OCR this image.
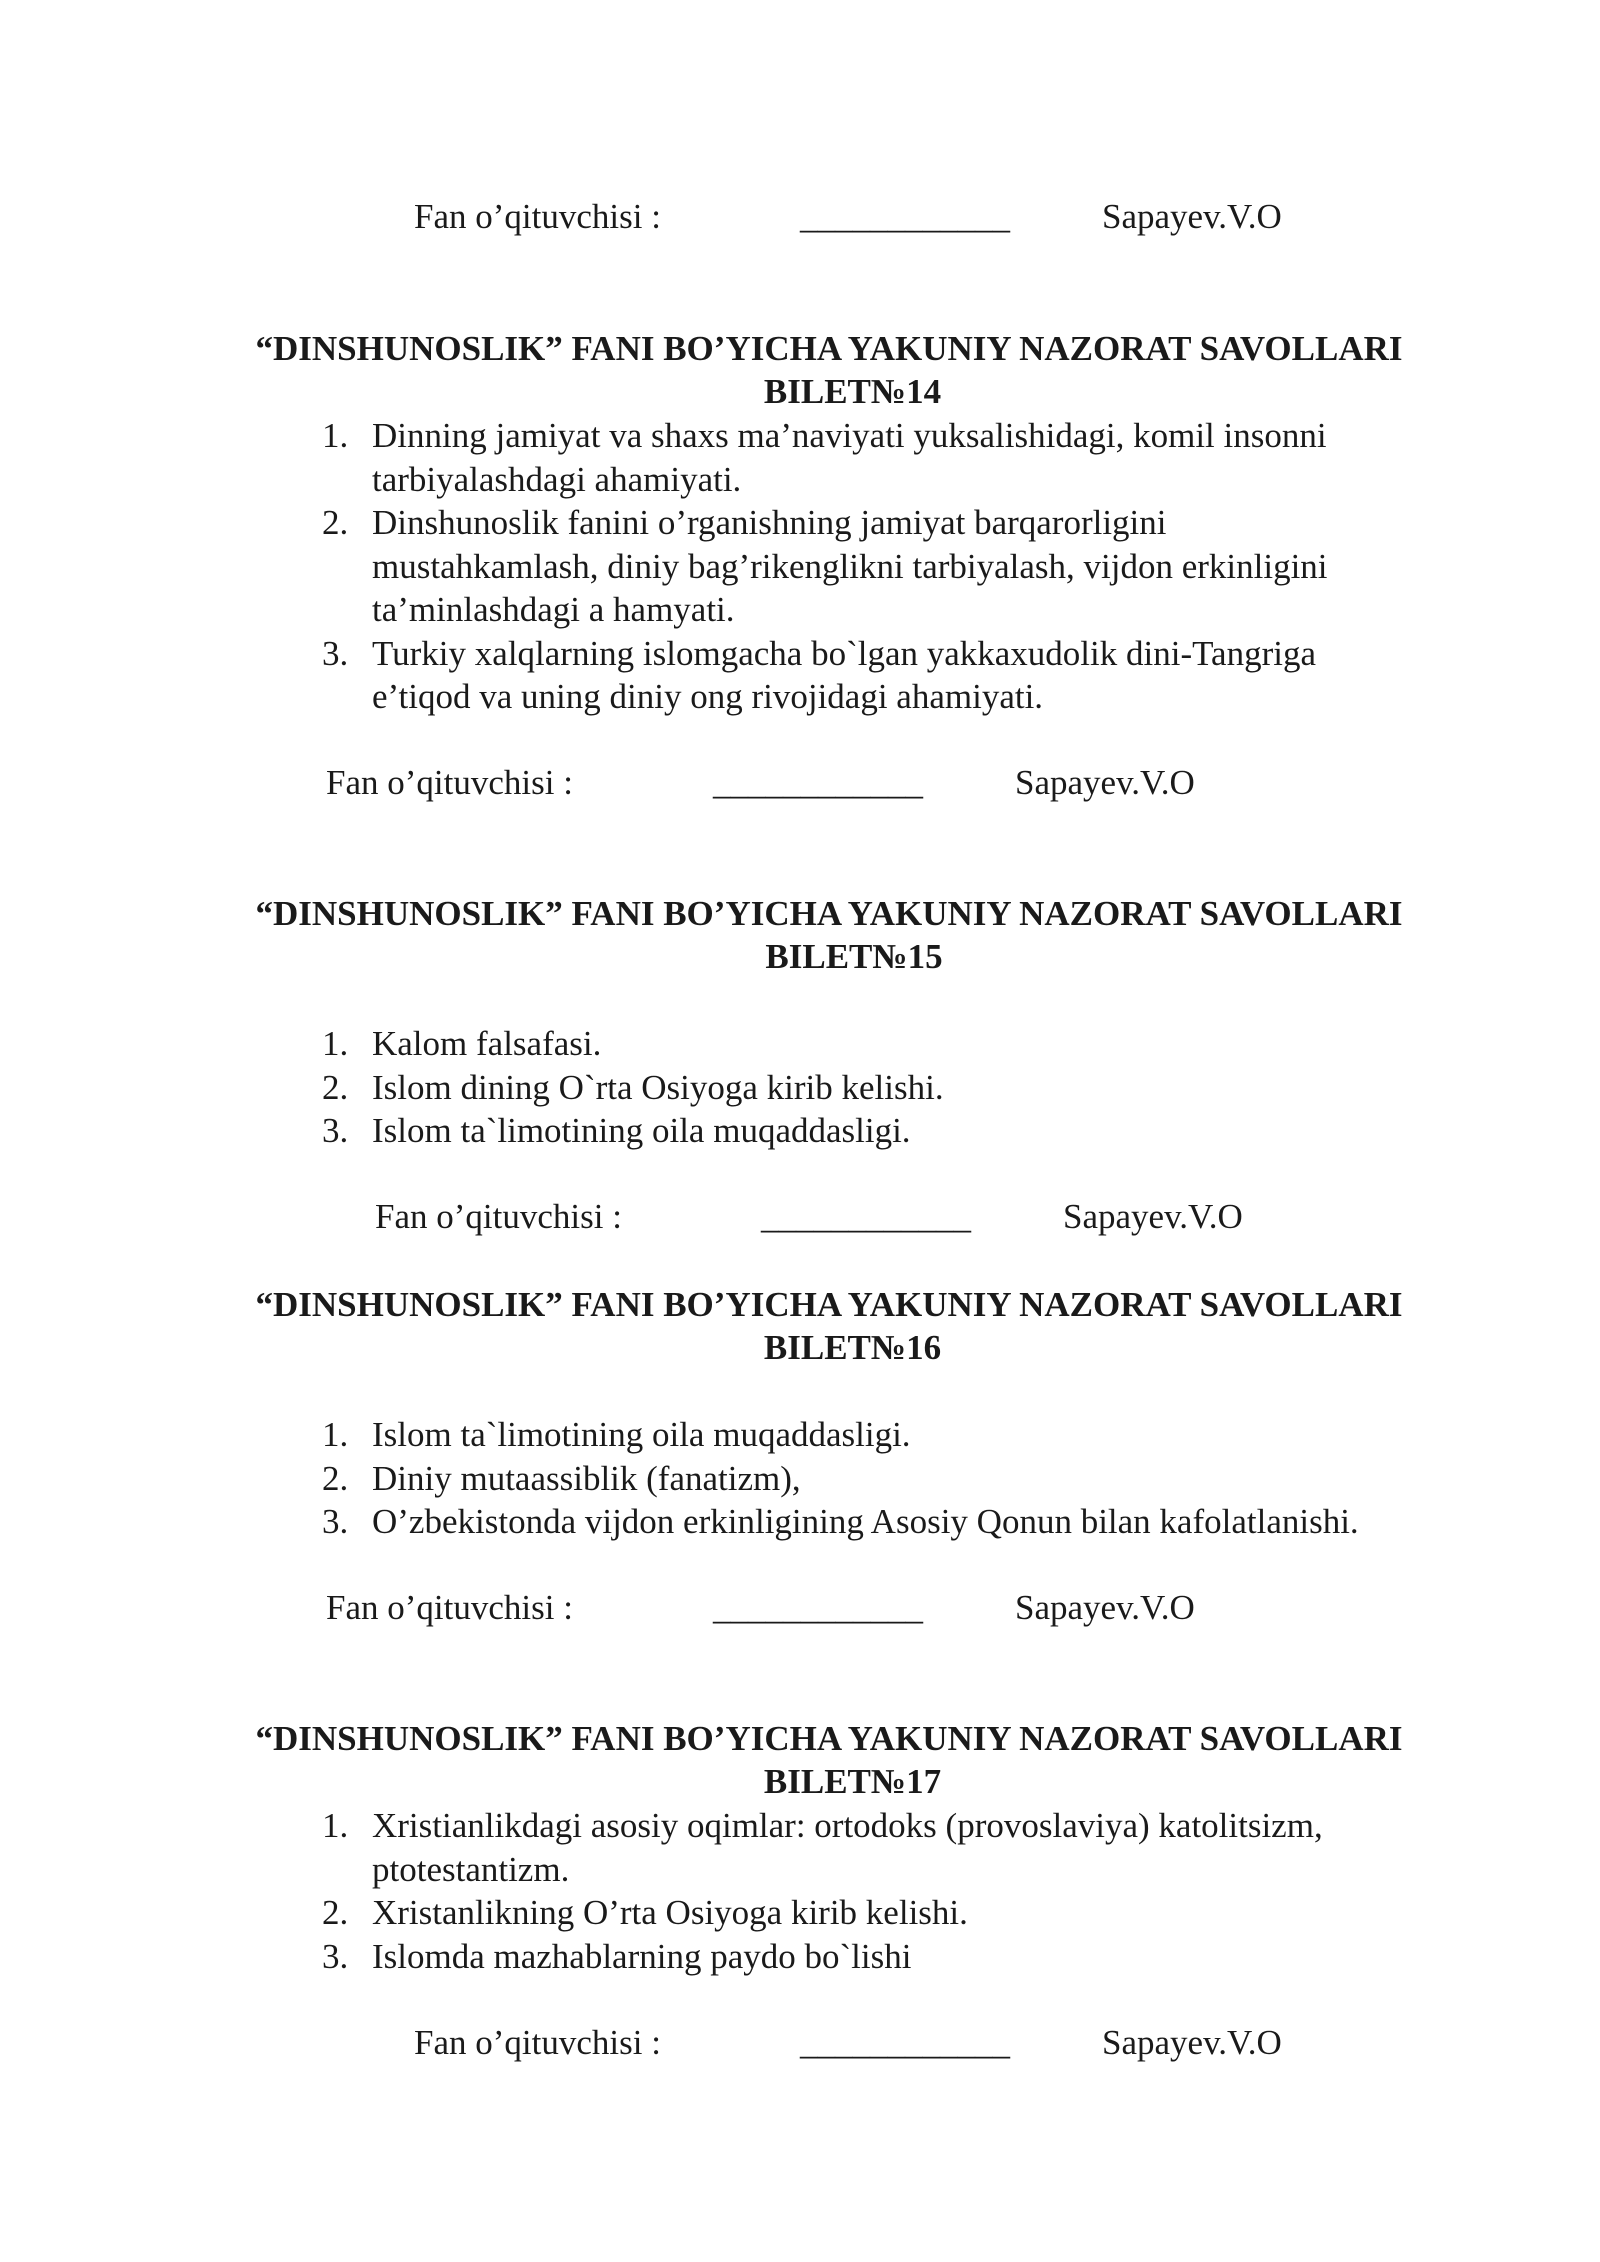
Fan o’qituvchisi :	____________	Sapayev.V.O
“DINSHUNOSLIK” FANI BO’YICHA YAKUNIY NAZORAT SAVOLLARI
BILET№14
1. Dinning jamiyat va shaxs ma’naviyati yuksalishidagi, komil insonni
tarbiyalashdagi ahamiyati.
2. Dinshunoslik fanini o’rganishning jamiyat barqarorligini
mustahkamlash, diniy bag’rikenglikni tarbiyalash, vijdon erkinligini
ta’minlashdagi a hamyati.
3. Turkiy xalqlarning islomgacha bo`lgan yakkaxudolik dini-Tangriga
e’tiqod va uning diniy ong rivojidagi ahamiyati.
Fan o’qituvchisi :	____________	Sapayev.V.O
“DINSHUNOSLIK” FANI BO’YICHA YAKUNIY NAZORAT SAVOLLARI
BILET№15
1. Kalom falsafasi.
2. Islom dining O`rta Osiyoga kirib kelishi.
3. Islom ta`limotining oila muqaddasligi.
Fan o’qituvchisi :	____________	Sapayev.V.O
“DINSHUNOSLIK” FANI BO’YICHA YAKUNIY NAZORAT SAVOLLARI
BILET№16
1. Islom ta`limotining oila muqaddasligi.
2. Diniy mutaassiblik (fanatizm),
3. O’zbekistonda vijdon erkinligining Asosiy Qonun bilan kafolatlanishi.
Fan o’qituvchisi :	____________	Sapayev.V.O
“DINSHUNOSLIK” FANI BO’YICHA YAKUNIY NAZORAT SAVOLLARI
BILET№17
1. Xristianlikdagi asosiy oqimlar: ortodoks (provoslaviya) katolitsizm,
ptotestantizm.
2. Xristanlikning O’rta Osiyoga kirib kelishi.
3. Islomda mazhablarning paydo bo`lishi
Fan o’qituvchisi :	____________	Sapayev.V.O
